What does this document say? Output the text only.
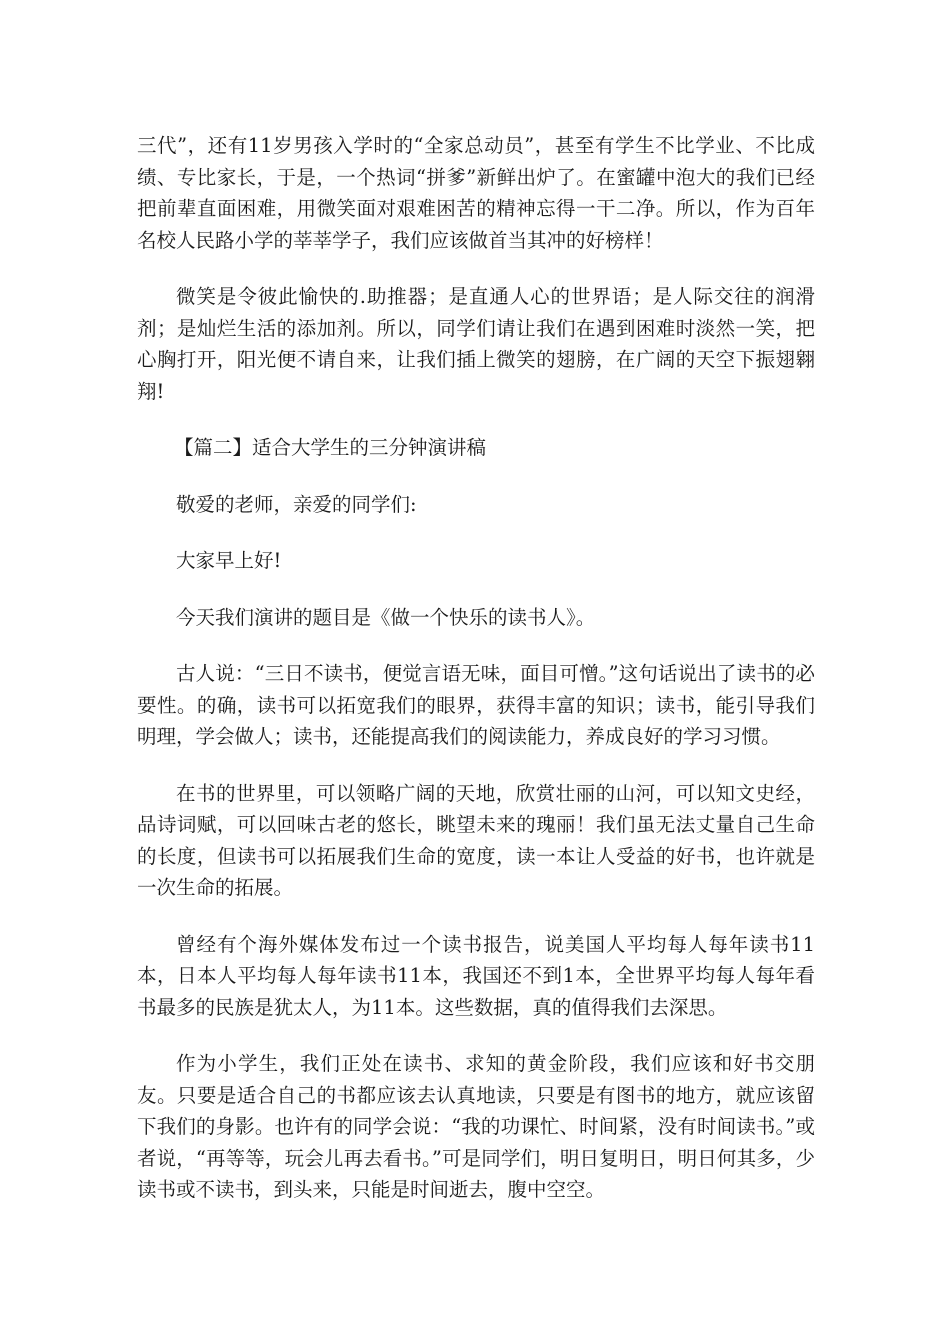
三代”，还有11岁男孩入学时的“全家总动员”，甚至有学生不比学业、不比成绩、专比家长，于是，一个热词“拼爹”新鲜出炉了。在蜜罐中泡大的我们已经把前辈直面困难，用微笑面对艰难困苦的精神忘得一干二净。所以，作为百年名校人民路小学的莘莘学子，我们应该做首当其冲的好榜样！

微笑是令彼此愉快的.助推器；是直通人心的世界语；是人际交往的润滑剂；是灿烂生活的添加剂。所以，同学们请让我们在遇到困难时淡然一笑，把心胸打开，阳光便不请自来，让我们插上微笑的翅膀，在广阔的天空下振翅翱翔!

【篇二】适合大学生的三分钟演讲稿

敬爱的老师，亲爱的同学们:

大家早上好!

今天我们演讲的题目是《做一个快乐的读书人》。

古人说：“三日不读书，便觉言语无味，面目可憎。”这句话说出了读书的必要性。的确，读书可以拓宽我们的眼界，获得丰富的知识；读书，能引导我们明理，学会做人；读书，还能提高我们的阅读能力，养成良好的学习习惯。

在书的世界里，可以领略广阔的天地，欣赏壮丽的山河，可以知文史经，品诗词赋，可以回味古老的悠长，眺望未来的瑰丽！我们虽无法丈量自己生命的长度，但读书可以拓展我们生命的宽度，读一本让人受益的好书，也许就是一次生命的拓展。

曾经有个海外媒体发布过一个读书报告，说美国人平均每人每年读书11本，日本人平均每人每年读书11本，我国还不到1本，全世界平均每人每年看书最多的民族是犹太人，为11本。这些数据，真的值得我们去深思。

作为小学生，我们正处在读书、求知的黄金阶段，我们应该和好书交朋友。只要是适合自己的书都应该去认真地读，只要是有图书的地方，就应该留下我们的身影。也许有的同学会说：“我的功课忙、时间紧，没有时间读书。”或者说，“再等等，玩会儿再去看书。”可是同学们，明日复明日，明日何其多，少读书或不读书，到头来，只能是时间逝去，腹中空空。
